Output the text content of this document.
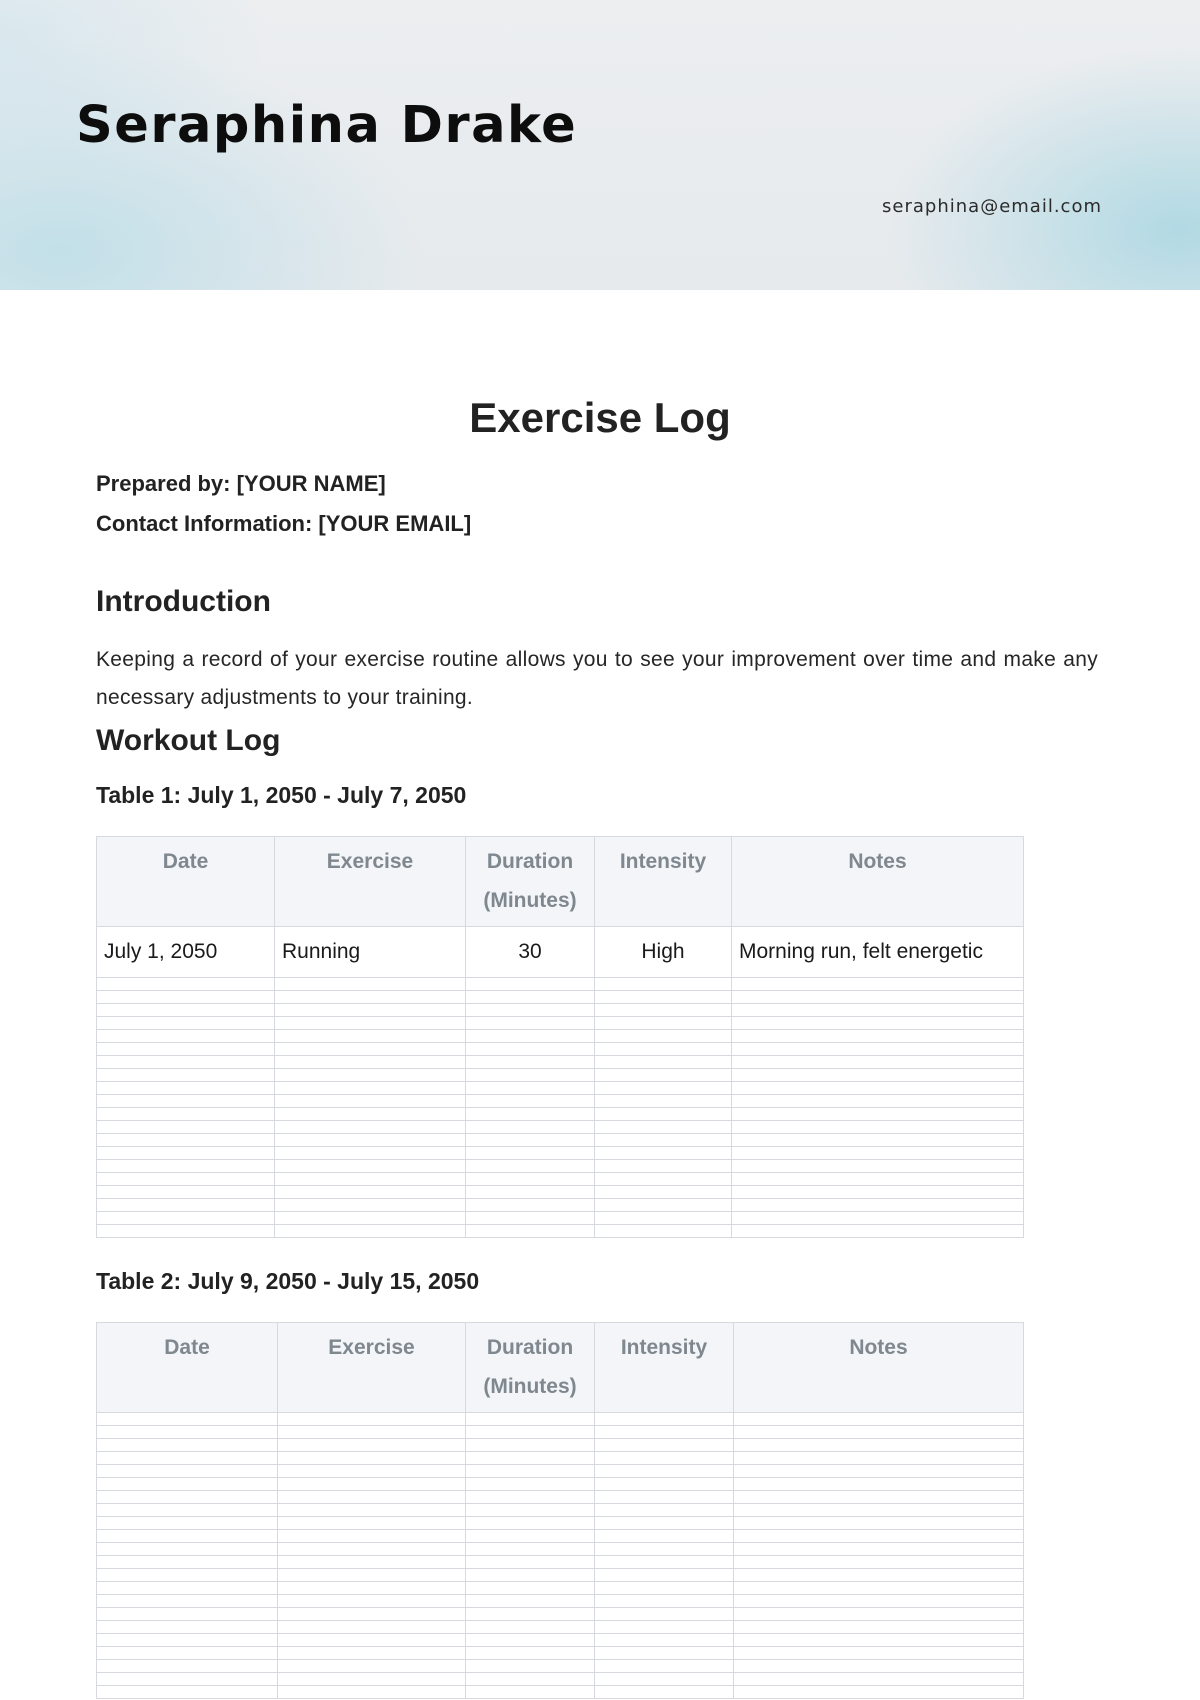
Seraphina Drake
seraphina@email.com
Exercise Log
Prepared by: [YOUR NAME]
Contact Information: [YOUR EMAIL]
Introduction
Keeping a record of your exercise routine allows you to see your improvement over time and make any necessary adjustments to your training.
Workout Log
Table 1: July 1, 2050 - July 7, 2050
Date	Exercise	Duration (Minutes)	Intensity	Notes
July 1, 2050	Running	30	High	Morning run, felt energetic

Table 2: July 9, 2050 - July 15, 2050
Date	Exercise	Duration (Minutes)	Intensity	Notes
